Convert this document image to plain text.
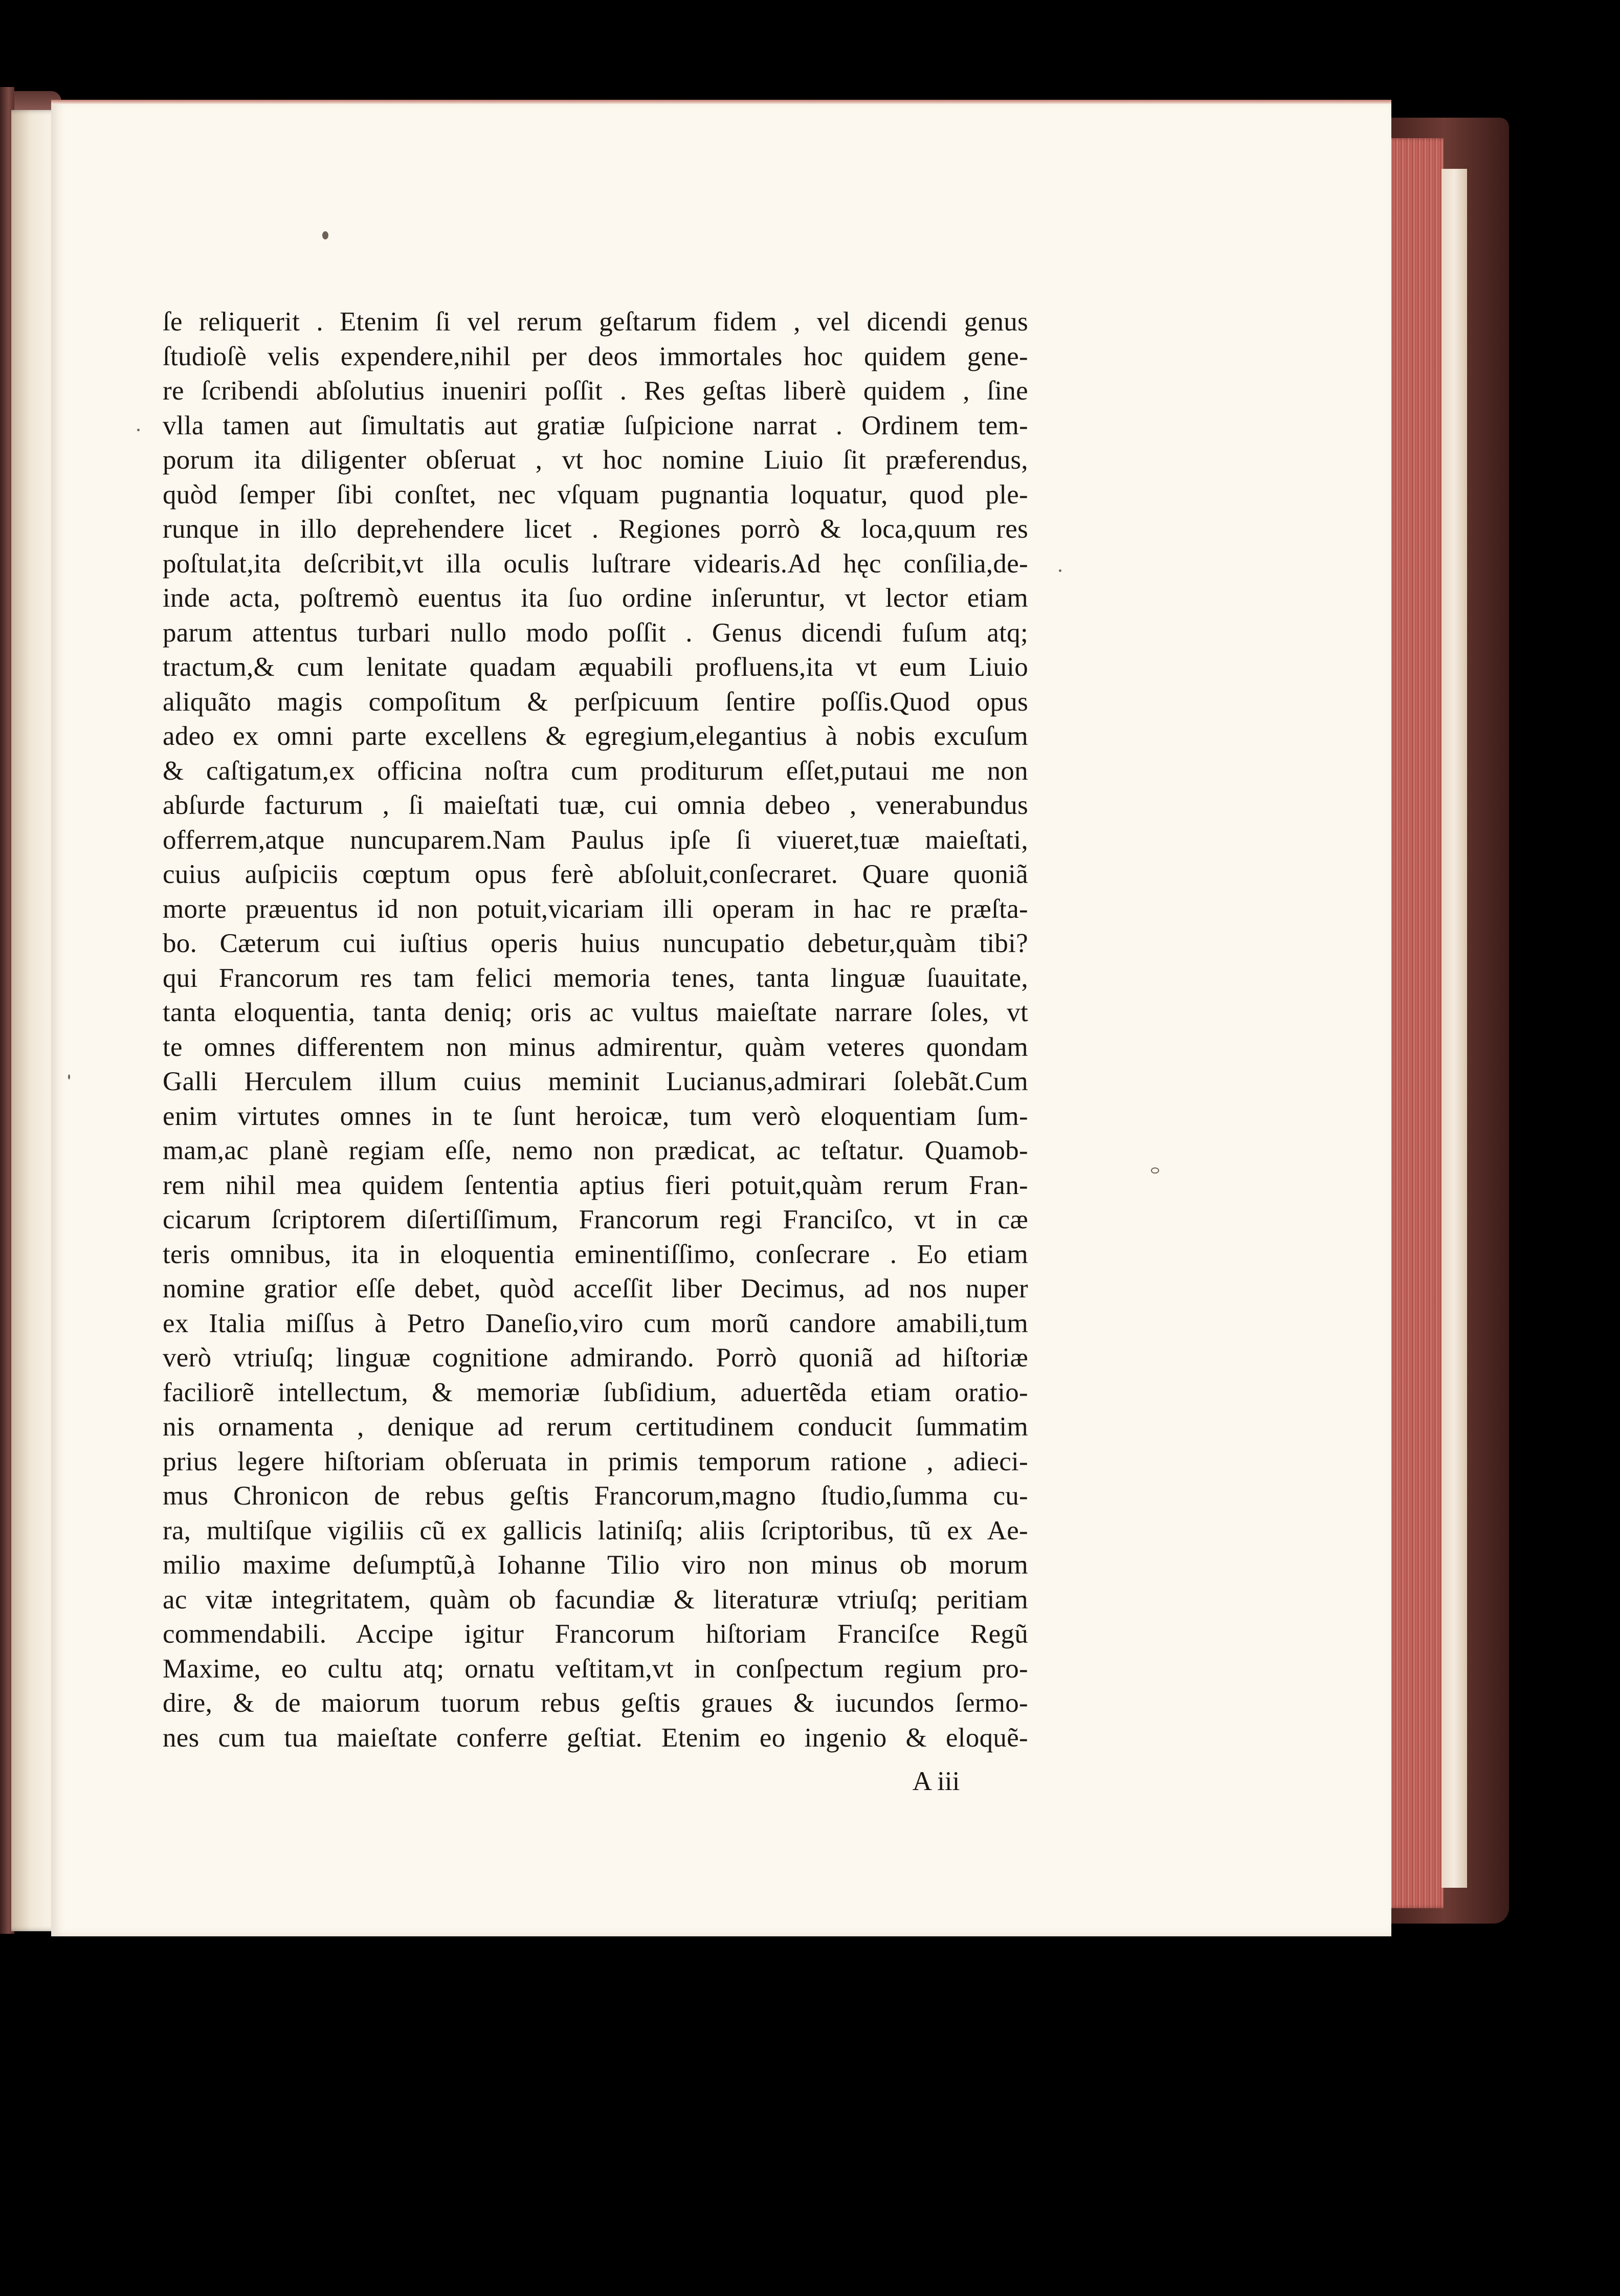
ſe reliquerit . Etenim ſi vel rerum geſtarum fidem , vel dicendi genus
ſtudioſè velis expendere,nihil per deos immortales hoc quidem gene-
re ſcribendi abſolutius inueniri poſſit . Res geſtas liberè quidem , ſine
vlla tamen aut ſimultatis aut gratiæ ſuſpicione narrat . Ordinem tem-
porum ita diligenter obſeruat , vt hoc nomine Liuio ſit præferendus,
quòd ſemper ſibi conſtet, nec vſquam pugnantia loquatur, quod ple-
runque in illo deprehendere licet . Regiones porrò & loca,quum res
poſtulat,ita deſcribit,vt illa oculis luſtrare videaris.Ad hęc conſilia,de-
inde acta, poſtremò euentus ita ſuo ordine inſeruntur, vt lector etiam
parum attentus turbari nullo modo poſſit . Genus dicendi fuſum atq;
tractum,& cum lenitate quadam æquabili profluens,ita vt eum Liuio
aliquãto magis compoſitum & perſpicuum ſentire poſſis.Quod opus
adeo ex omni parte excellens & egregium,elegantius à nobis excuſum
& caſtigatum,ex officina noſtra cum proditurum eſſet,putaui me non
abſurde facturum , ſi maieſtati tuæ, cui omnia debeo , venerabundus
offerrem,atque nuncuparem.Nam Paulus ipſe ſi viueret,tuæ maieſtati,
cuius auſpiciis cœptum opus ferè abſoluit,conſecraret. Quare quoniã
morte præuentus id non potuit,vicariam illi operam in hac re præſta-
bo. Cæterum cui iuſtius operis huius nuncupatio debetur,quàm tibi?
qui Francorum res tam felici memoria tenes, tanta linguæ ſuauitate,
tanta eloquentia, tanta deniq; oris ac vultus maieſtate narrare ſoles, vt
te omnes differentem non minus admirentur, quàm veteres quondam
Galli Herculem illum cuius meminit Lucianus,admirari ſolebãt.Cum
enim virtutes omnes in te ſunt heroicæ, tum verò eloquentiam ſum-
mam,ac planè regiam eſſe, nemo non prædicat, ac teſtatur. Quamob-
rem nihil mea quidem ſententia aptius fieri potuit,quàm rerum Fran-
cicarum ſcriptorem diſertiſſimum, Francorum regi Franciſco, vt in cæ
teris omnibus, ita in eloquentia eminentiſſimo, conſecrare . Eo etiam
nomine gratior eſſe debet, quòd acceſſit liber Decimus, ad nos nuper
ex Italia miſſus à Petro Daneſio,viro cum morũ candore amabili,tum
verò vtriuſq; linguæ cognitione admirando. Porrò quoniã ad hiſtoriæ
faciliorẽ intellectum, & memoriæ ſubſidium, aduertẽda etiam oratio-
nis ornamenta , denique ad rerum certitudinem conducit ſummatim
prius legere hiſtoriam obſeruata in primis temporum ratione , adieci-
mus Chronicon de rebus geſtis Francorum,magno ſtudio,ſumma cu-
ra, multiſque vigiliis cũ ex gallicis latiniſq; aliis ſcriptoribus, tũ ex Ae-
milio maxime deſumptũ,à Iohanne Tilio viro non minus ob morum
ac vitæ integritatem, quàm ob facundiæ & literaturæ vtriuſq; peritiam
commendabili. Accipe igitur Francorum hiſtoriam Franciſce Regũ
Maxime, eo cultu atq; ornatu veſtitam,vt in conſpectum regium pro-
dire, & de maiorum tuorum rebus geſtis graues & iucundos ſermo-
nes cum tua maieſtate conferre geſtiat. Etenim eo ingenio & eloquẽ-
A iii
